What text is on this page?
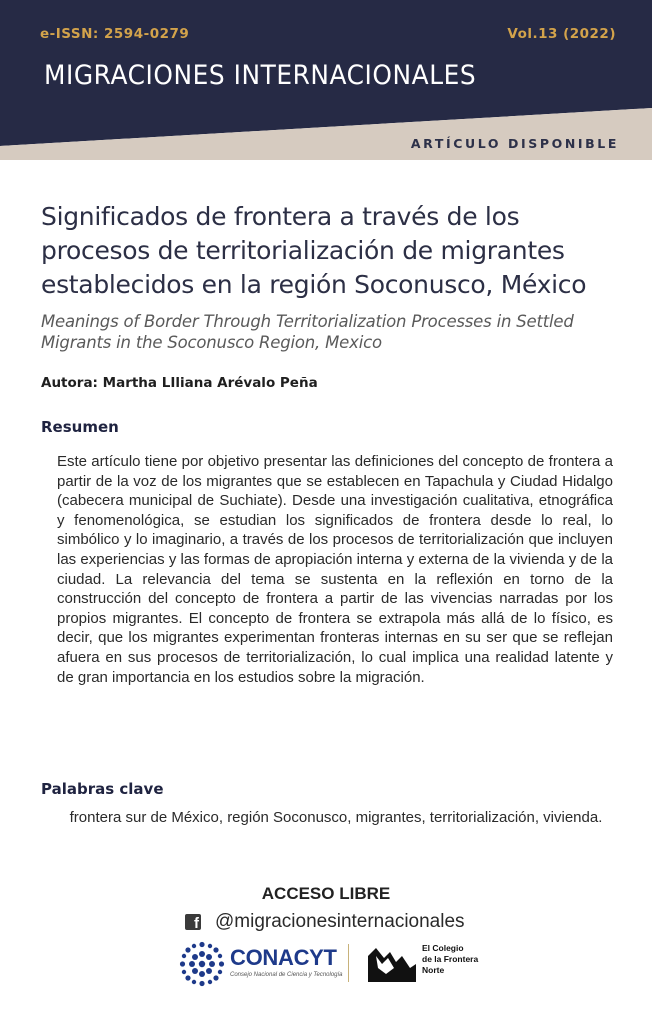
e-ISSN: 2594-0279	Vol.13 (2022)
MIGRACIONES INTERNACIONALES
ARTÍCULO DISPONIBLE
Significados de frontera a través de los procesos de territorialización de migrantes establecidos en la región Soconusco, México
Meanings of Border Through Territorialization Processes in Settled Migrants in the Soconusco Region, Mexico
Autora: Martha LIliana Arévalo Peña
Resumen
Este artículo tiene por objetivo presentar las definiciones del concepto de frontera a partir de la voz de los migrantes que se establecen en Tapachula y Ciudad Hidalgo (cabecera municipal de Suchiate). Desde una investigación cualitativa, etnográfica y fenomenológica, se estudian los significados de frontera desde lo real, lo simbólico y lo imaginario, a través de los procesos de territorialización que incluyen las experiencias y las formas de apropiación interna y externa de la vivienda y de la ciudad. La relevancia del tema se sustenta en la reflexión en torno de la construcción del concepto de frontera a partir de las vivencias narradas por los propios migrantes. El concepto de frontera se extrapola más allá de lo físico, es decir, que los migrantes experimentan fronteras internas en su ser que se reflejan afuera en sus procesos de territorialización, lo cual implica una realidad latente y de gran importancia en los estudios sobre la migración.
Palabras clave
frontera sur de México, región Soconusco, migrantes, territorialización, vivienda.
ACCESO LIBRE
f @migracionesinternacionales
CONACYT
Consejo Nacional de Ciencia y Tecnología
El Colegio
de la Frontera
Norte
